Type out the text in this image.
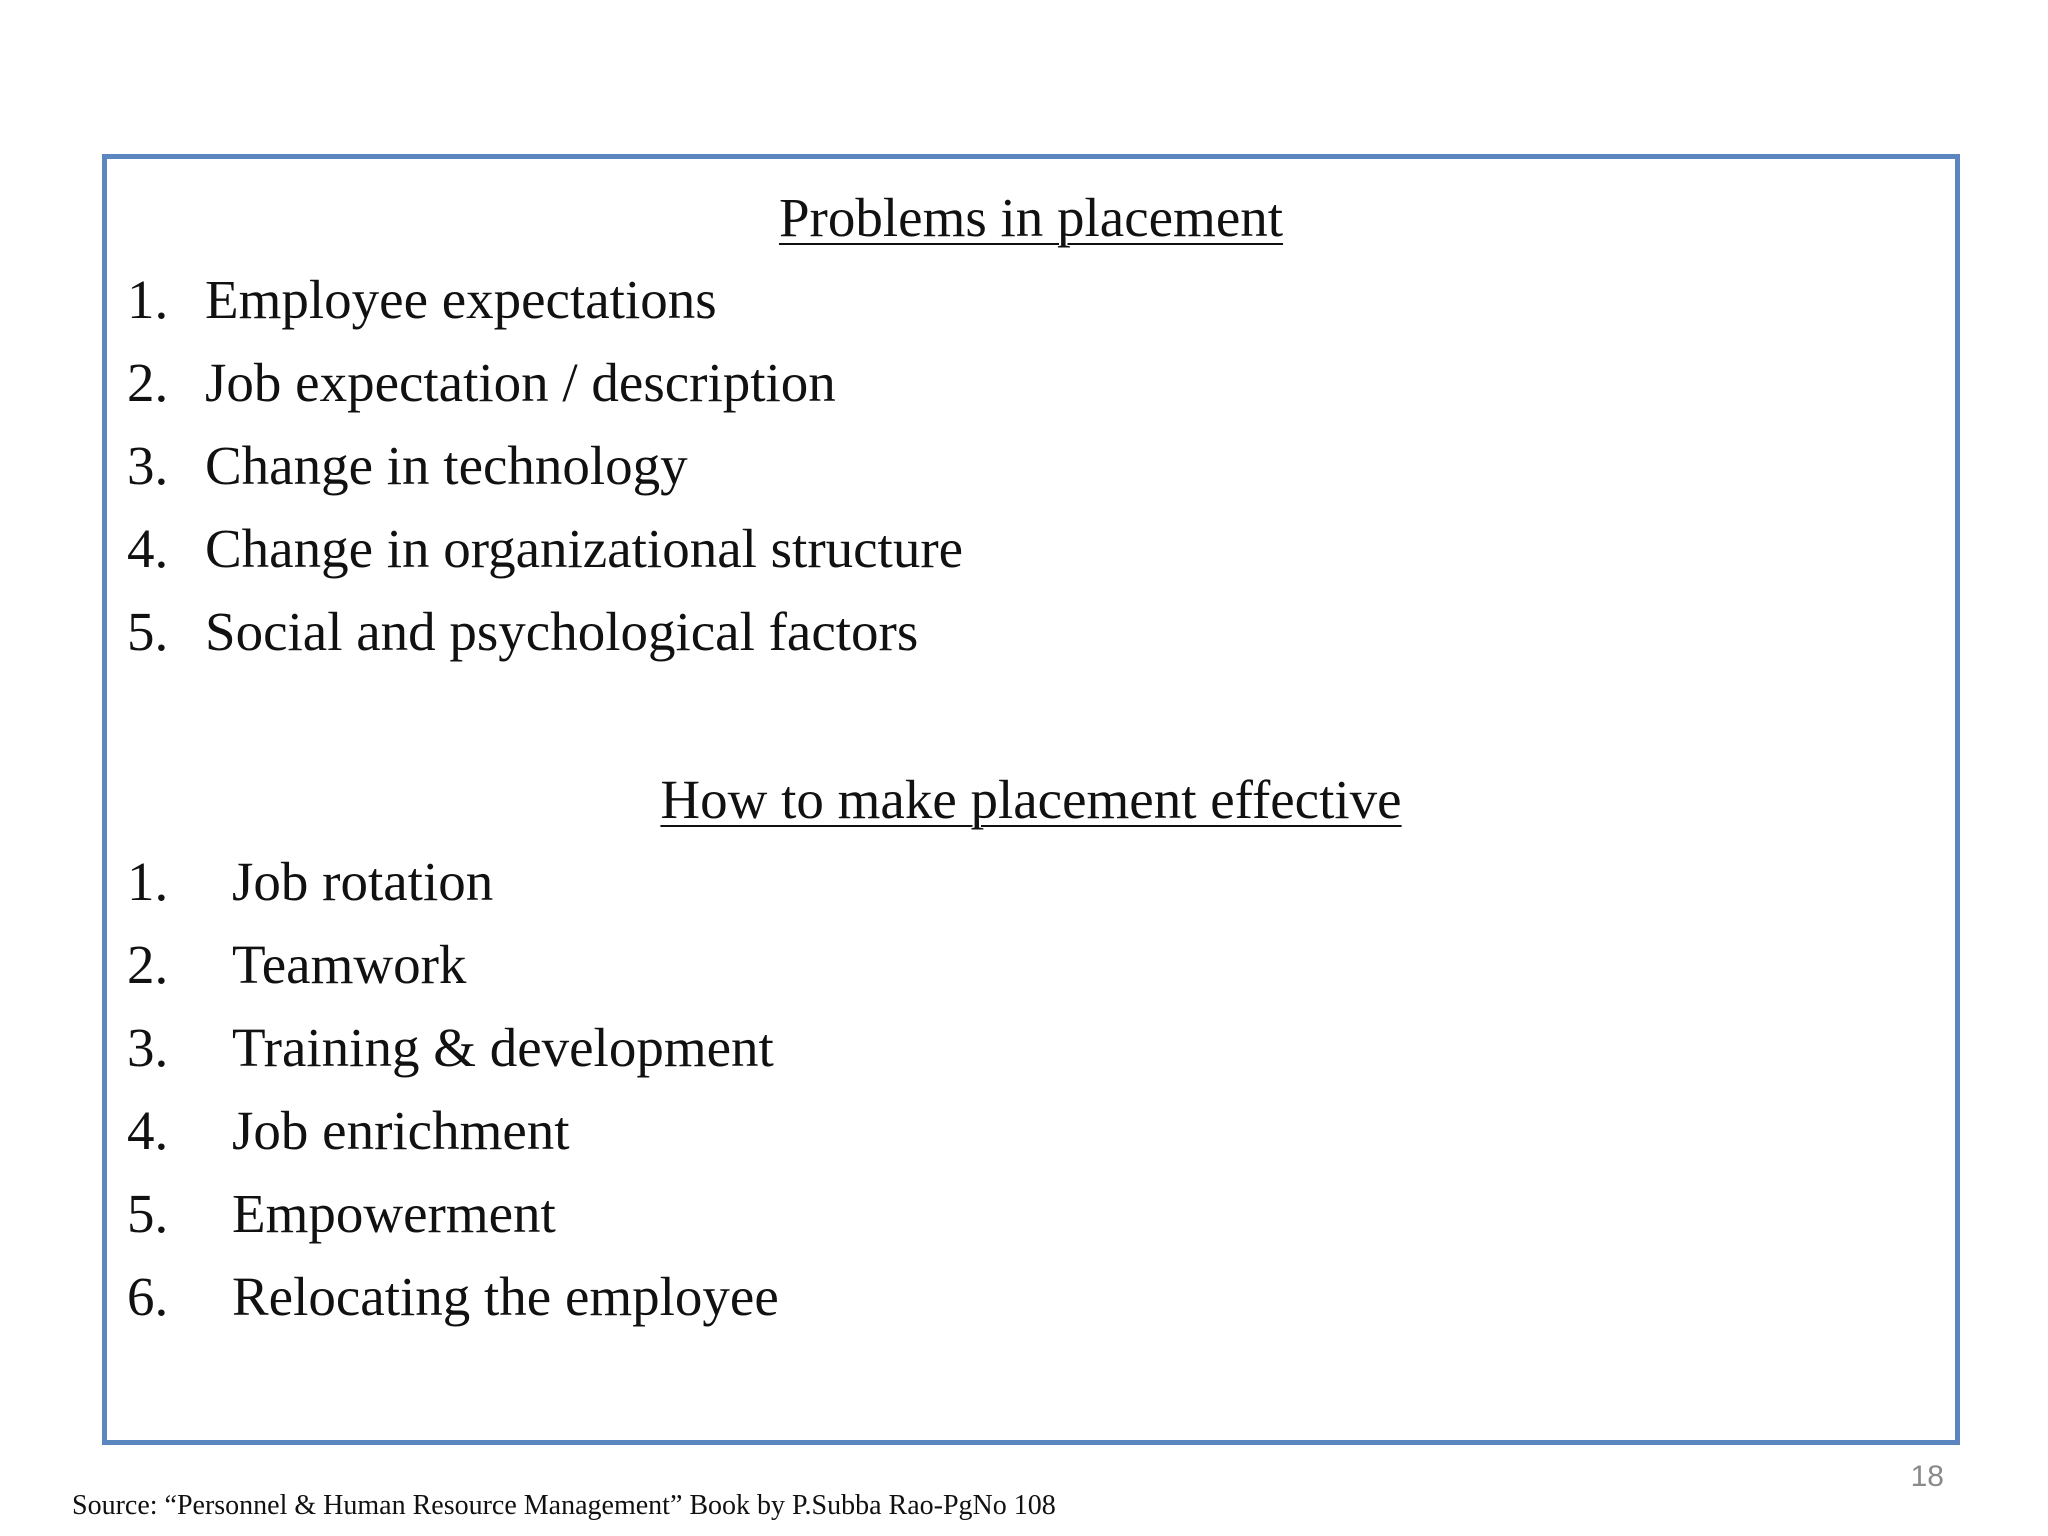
Problems in placement
1. Employee expectations
2. Job expectation / description
3. Change in technology
4. Change in organizational structure
5. Social and psychological factors
How to make placement effective
1. Job rotation
2. Teamwork
3. Training & development
4. Job enrichment
5. Empowerment
6. Relocating the employee
18
Source: “Personnel & Human Resource Management” Book by P.Subba Rao-PgNo 108
